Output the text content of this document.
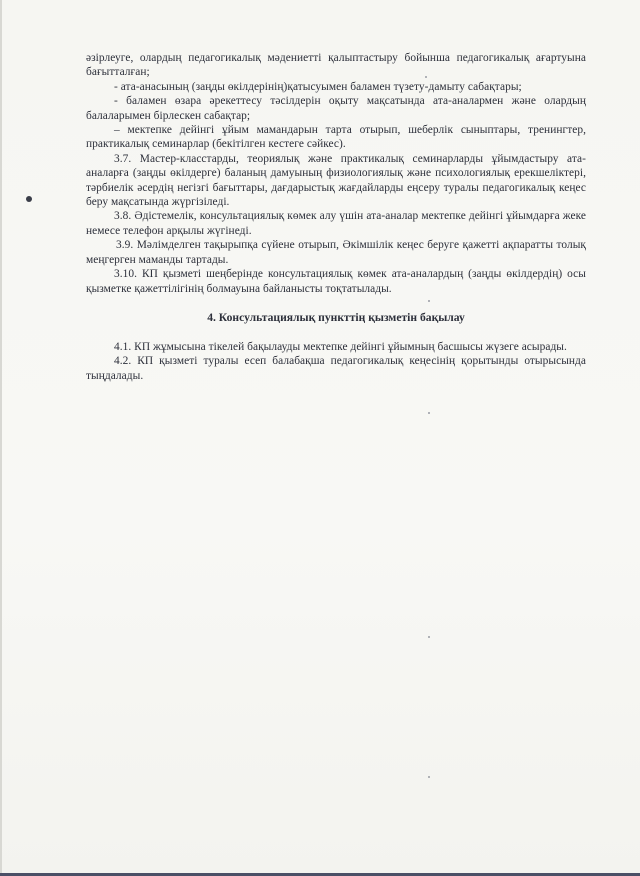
әзірлеуге, олардың педагогикалық мәдениетті қалыптастыру бойынша педагогикалық ағартуына бағытталған;

- ата-анасының (заңды өкілдерінің)қатысуымен баламен түзету-дамыту сабақтары;

- баламен өзара әрекеттесу тәсілдерін оқыту мақсатында ата-аналармен және олардың балаларымен бірлескен сабақтар;

– мектепке дейінгі ұйым мамандарын тарта отырып, шеберлік сыныптары, тренингтер, практикалық семинарлар (бекітілген кестеге сәйкес).

3.7. Мастер-класстарды, теориялық және практикалық семинарларды ұйымдастыру ата-аналарға (заңды өкілдерге) баланың дамуының физиологиялық және психологиялық ерекшеліктері, тәрбиелік әсердің негізгі бағыттары, дағдарыстық жағдайларды еңсеру туралы педагогикалық кеңес беру мақсатында жүргізіледі.

3.8. Әдістемелік, консультациялық көмек алу үшін ата-аналар мектепке дейінгі ұйымдарға жеке немесе телефон арқылы жүгінеді.

3.9. Мәлімделген тақырыпқа сүйене отырып, Әкімшілік кеңес беруге қажетті ақпаратты толық меңгерген маманды тартады.

3.10. КП қызметі шеңберінде консультациялық көмек ата-аналардың (заңды өкілдердің) осы қызметке қажеттілігінің болмауына байланысты тоқтатылады.

4. Консультациялық пункттің қызметін бақылау

4.1. КП жұмысына тікелей бақылауды мектепке дейінгі ұйымның басшысы жүзеге асырады.

4.2. КП қызметі туралы есеп балабақша педагогикалық кеңесінің қорытынды отырысында тыңдалады.
